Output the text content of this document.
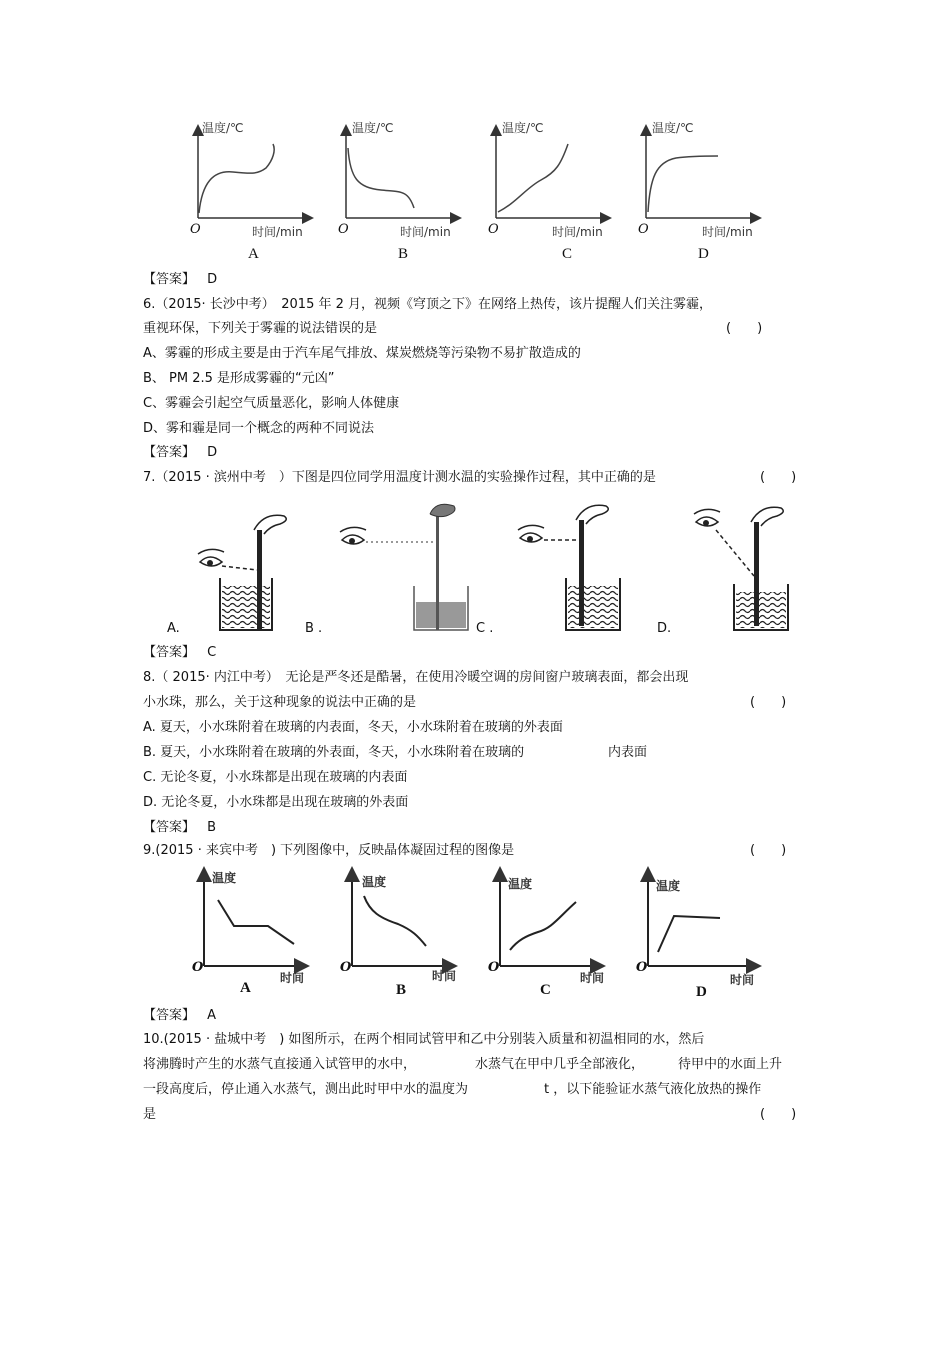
温度/℃
时间/min
O
A
温度/℃
时间/min
O
B
温度/℃
时间/min
O
C
温度/℃
时间/min
O
D
【答案】 D
6.（2015· 长沙中考）　2015 年 2 月，视频《穹顶之下》在网络上热传，该片提醒人们关注雾霾，
重视环保，下列关于雾霾的说法错误的是	(　　)
A、雾霾的形成主要是由于汽车尾气排放、煤炭燃烧等污染物不易扩散造成的
B、 PM 2.5 是形成雾霾的“元凶”
C、雾霾会引起空气质量恶化，影响人体健康
D、雾和霾是同一个概念的两种不同说法
【答案】 D
7.（2015 · 滨州中考　）下图是四位同学用温度计测水温的实验操作过程，其中正确的是	(　　)
A.	B .	C .	D.
【答案】 C
8.（ 2015· 内江中考）　无论是严冬还是酷暑，在使用冷暖空调的房间窗户玻璃表面，都会出现
小水珠，那么，关于这种现象的说法中正确的是	(　　)
A. 夏天，小水珠附着在玻璃的内表面，冬天，小水珠附着在玻璃的外表面
B. 夏天，小水珠附着在玻璃的外表面，冬天，小水珠附着在玻璃的	内表面
C. 无论冬夏，小水珠都是出现在玻璃的内表面
D. 无论冬夏，小水珠都是出现在玻璃的外表面
【答案】 B
9.(2015 · 来宾中考　) 下列图像中，反映晶体凝固过程的图像是	(　　)
温度
时间
O
A
温度
时间
O
B
温度
时间
O
C
温度
时间
O
D
【答案】 A
10.(2015 · 盐城中考　) 如图所示，在两个相同试管甲和乙中分别装入质量和初温相同的水，然后
将沸腾时产生的水蒸气直接通入试管甲的水中，	水蒸气在甲中几乎全部液化，	待甲中的水面上升
一段高度后，停止通入水蒸气，测出此时甲中水的温度为	t ，以下能验证水蒸气液化放热的操作
是	(　　)
